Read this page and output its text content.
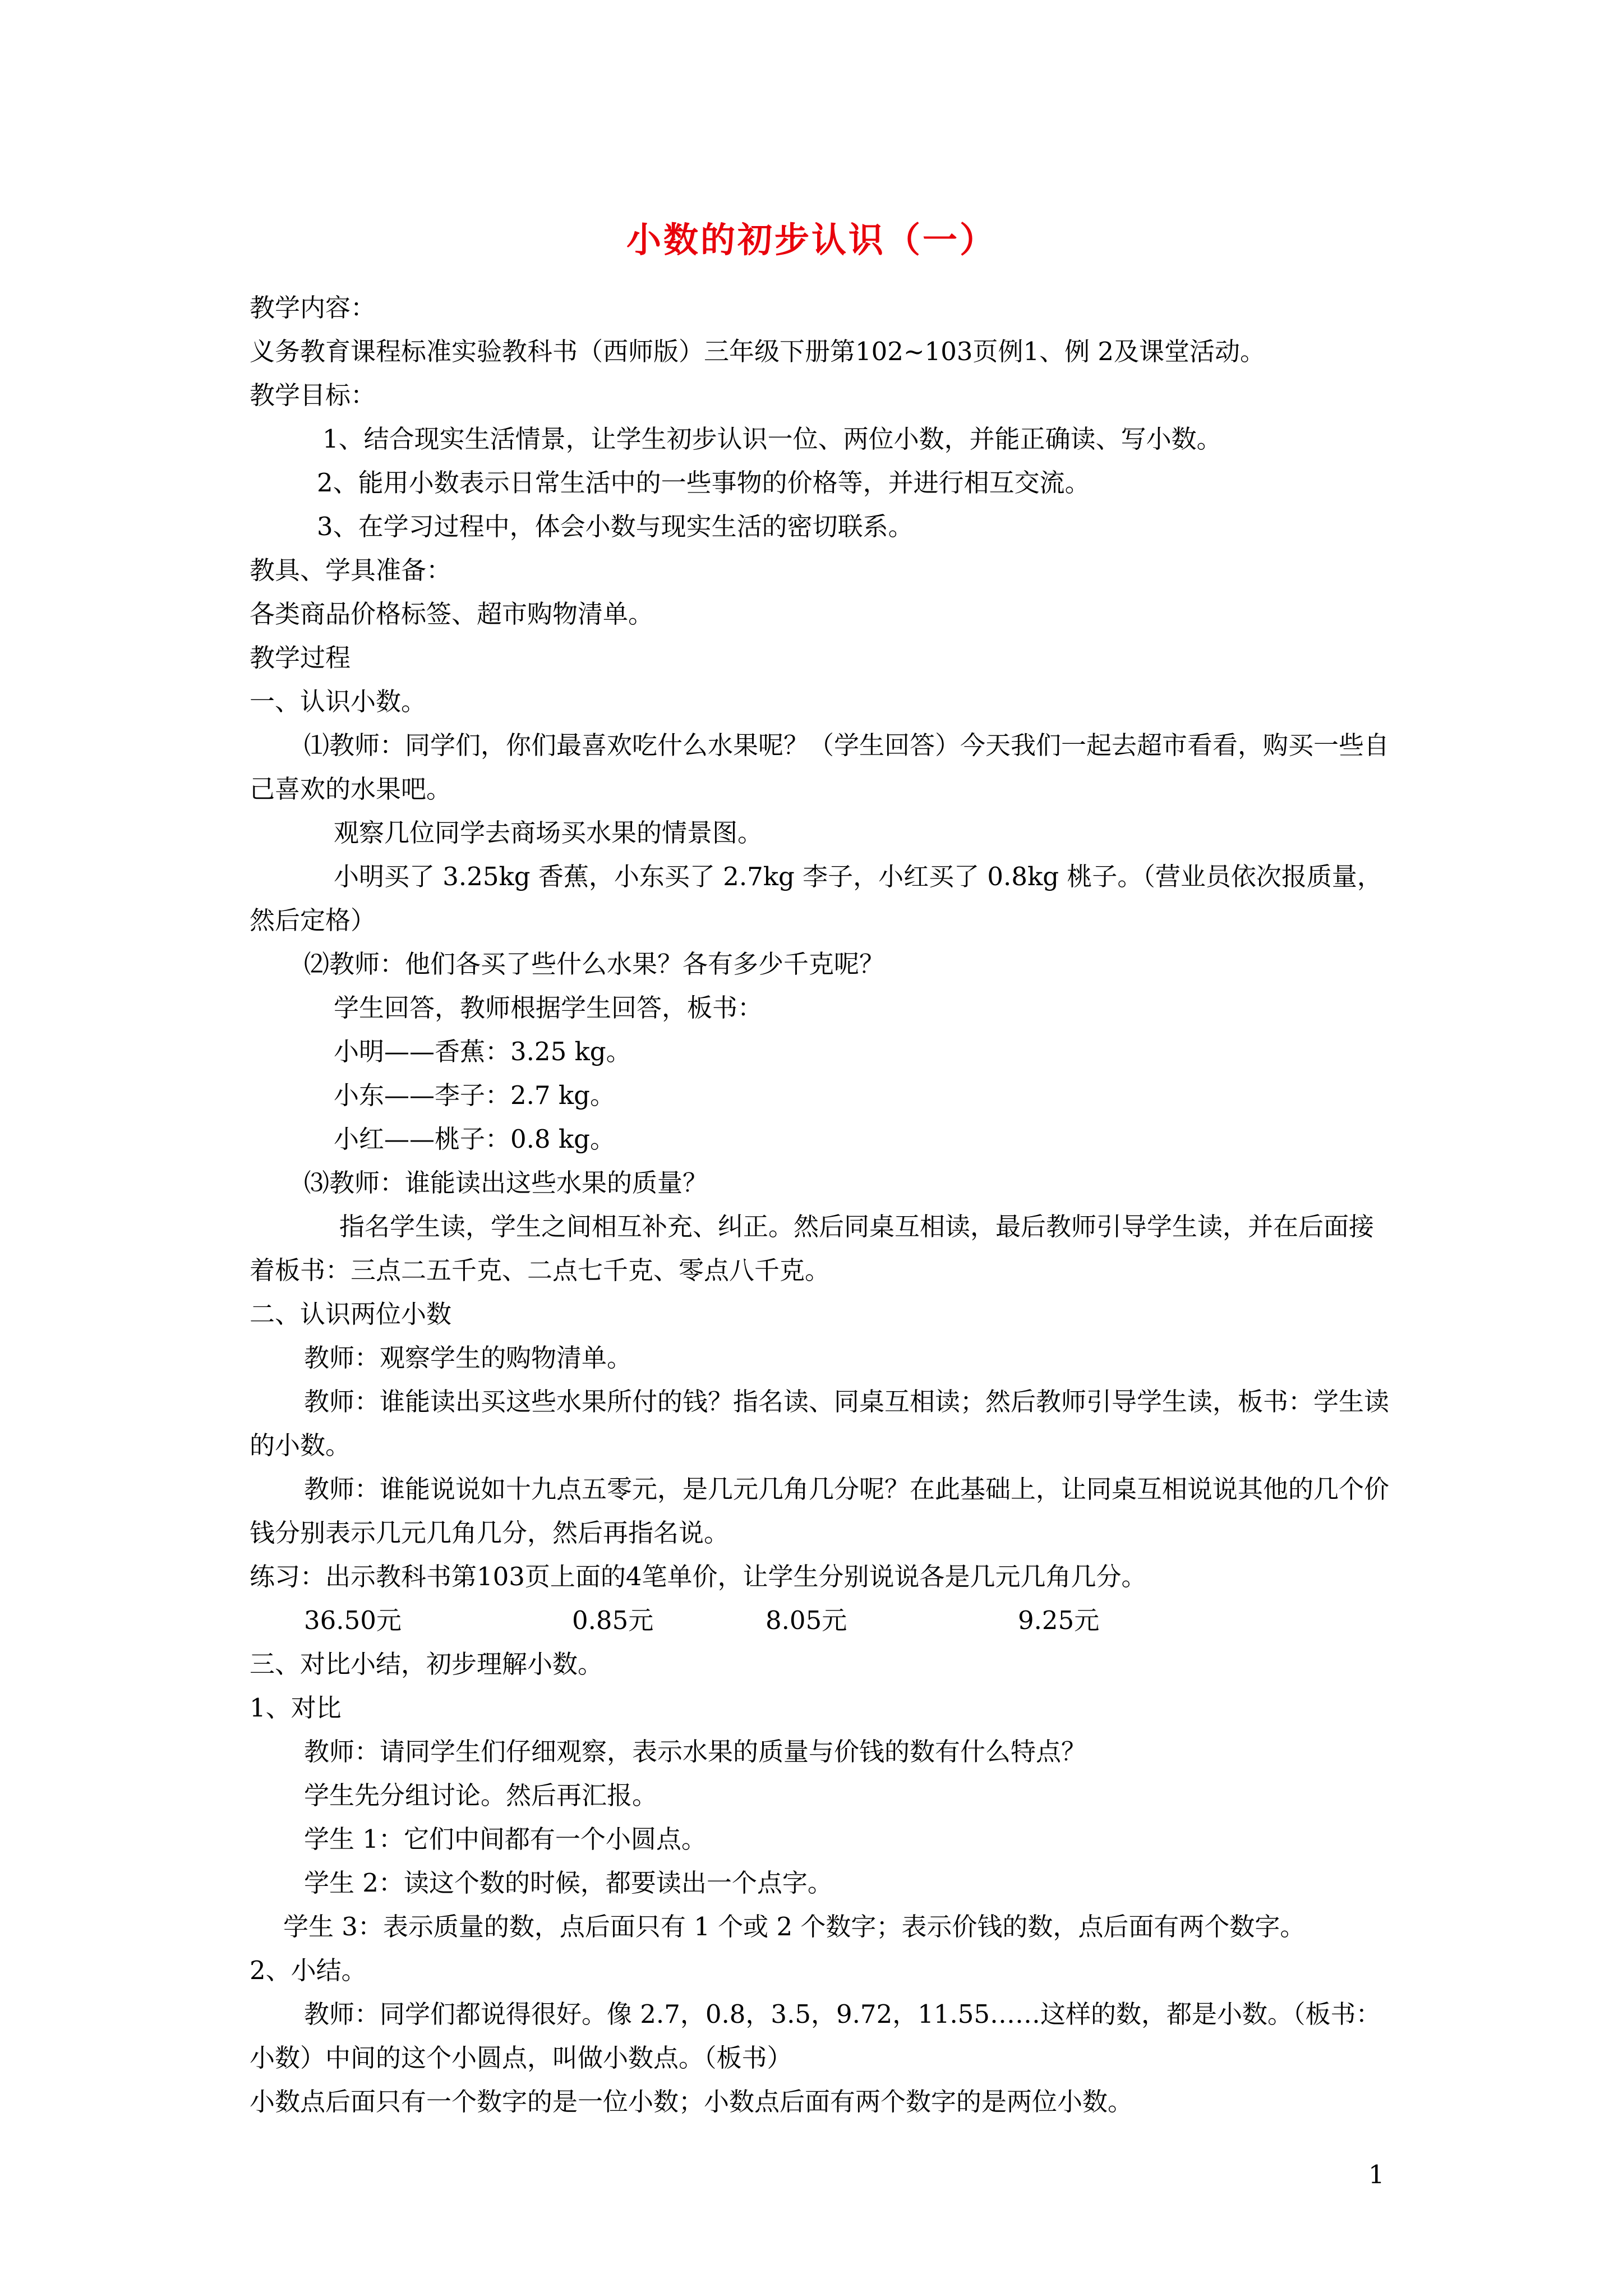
小数的初步认识（一）

教学内容：

义务教育课程标准实验教科书（西师版）三年级下册第102~103页例1、例 2及课堂活动。

教学目标：

1、结合现实生活情景，让学生初步认识一位、两位小数，并能正确读、写小数。

2、能用小数表示日常生活中的一些事物的价格等，并进行相互交流。

3、在学习过程中，体会小数与现实生活的密切联系。

教具、学具准备：

各类商品价格标签、超市购物清单。

教学过程

一、认识小数。

⑴教师：同学们，你们最喜欢吃什么水果呢？（学生回答）今天我们一起去超市看看，购买一些自己喜欢的水果吧。

观察几位同学去商场买水果的情景图。

小明买了 3.25kg 香蕉，小东买了 2.7kg 李子，小红买了 0.8kg 桃子。（营业员依次报质量，然后定格）

⑵教师：他们各买了些什么水果？各有多少千克呢？

学生回答，教师根据学生回答，板书：

小明——香蕉：3.25 kg。

小东——李子：2.7 kg。

小红——桃子：0.8 kg。

⑶教师：谁能读出这些水果的质量？

指名学生读，学生之间相互补充、纠正。然后同桌互相读，最后教师引导学生读，并在后面接着板书：三点二五千克、二点七千克、零点八千克。

二、认识两位小数

教师：观察学生的购物清单。

教师：谁能读出买这些水果所付的钱？指名读、同桌互相读；然后教师引导学生读，板书：学生读的小数。

教师：谁能说说如十九点五零元，是几元几角几分呢？在此基础上，让同桌互相说说其他的几个价钱分别表示几元几角几分，然后再指名说。

练习：出示教科书第103页上面的4笔单价，让学生分别说说各是几元几角几分。

36.50元	0.85元	8.05元	9.25元

三、对比小结，初步理解小数。

1、对比

教师：请同学生们仔细观察，表示水果的质量与价钱的数有什么特点？

学生先分组讨论。然后再汇报。

学生 1：它们中间都有一个小圆点。

学生 2：读这个数的时候，都要读出一个点字。

学生 3：表示质量的数，点后面只有 1 个或 2 个数字；表示价钱的数，点后面有两个数字。

2、小结。

教师：同学们都说得很好。像 2.7，0.8，3.5，9.72，11.55……这样的数，都是小数。（板书：小数）中间的这个小圆点，叫做小数点。（板书）

小数点后面只有一个数字的是一位小数；小数点后面有两个数字的是两位小数。

1
